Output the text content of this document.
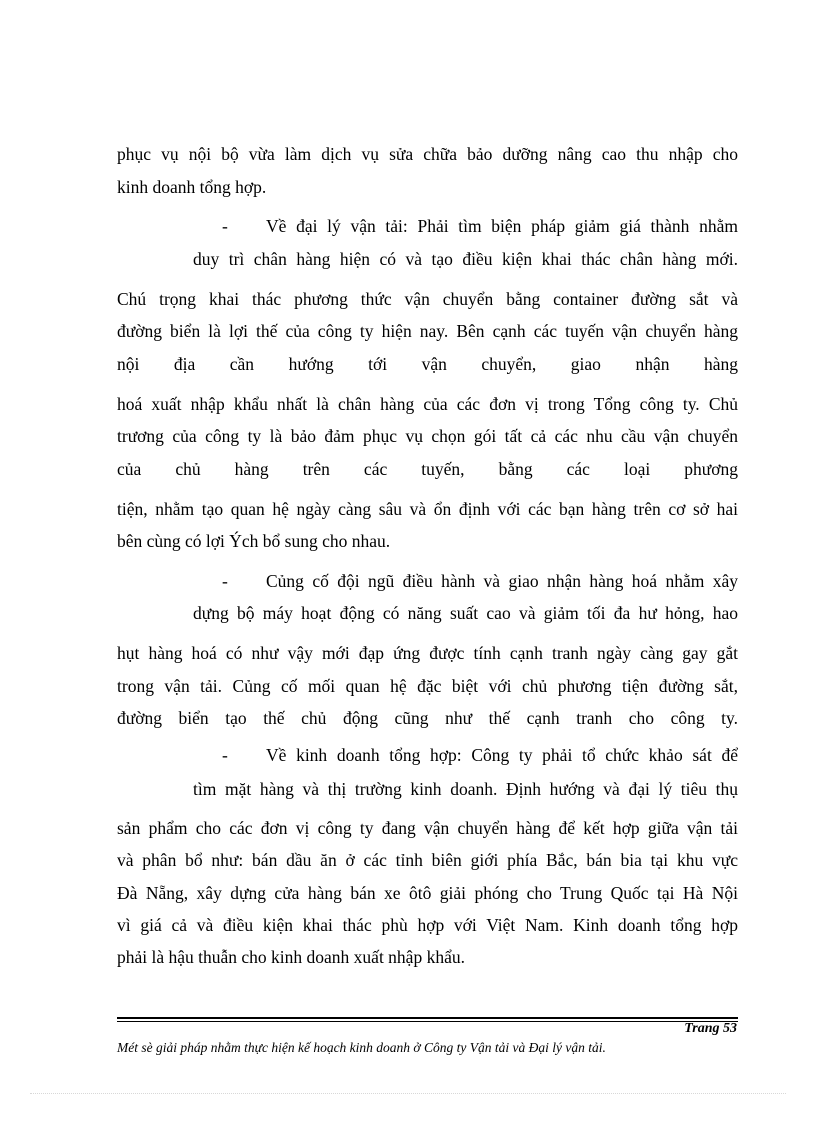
phục vụ nội bộ vừa làm dịch vụ sửa chữa bảo dưỡng nâng cao thu nhập cho
kinh doanh tổng hợp.
- Về đại lý vận tải: Phải tìm biện pháp giảm giá thành nhằm
duy trì chân hàng hiện có và tạo điều kiện khai thác chân hàng mới.
Chú trọng khai thác phương thức vận chuyển bằng container đường sắt và
đường biển là lợi thế của công ty hiện nay. Bên cạnh các tuyến vận chuyển hàng
nội địa cần hướng tới vận chuyển, giao nhận hàng
hoá xuất nhập khẩu nhất là chân hàng của các đơn vị trong Tổng công ty. Chủ
trương của công ty là bảo đảm phục vụ chọn gói tất cả các nhu cầu vận chuyển
của chủ hàng trên các tuyến, bằng các loại phương
tiện, nhằm tạo quan hệ ngày càng sâu và ổn định với các bạn hàng trên cơ sở hai
bên cùng có lợi Ých bổ sung cho nhau.
- Củng cố đội ngũ điều hành và giao nhận hàng hoá nhằm xây
dựng bộ máy hoạt động có năng suất cao và giảm tối đa hư hỏng, hao
hụt hàng hoá có như vậy mới đạp ứng được tính cạnh tranh ngày càng gay gắt
trong vận tải. Củng cố mối quan hệ đặc biệt với chủ phương tiện đường sắt,
đường biển tạo thế chủ động cũng như thế cạnh tranh cho công ty.
- Về kinh doanh tổng hợp: Công ty phải tổ chức khảo sát để
tìm mặt hàng và thị trường kinh doanh. Định hướng và đại lý tiêu thụ
sản phẩm cho các đơn vị công ty đang vận chuyển hàng để kết hợp giữa vận tải
và phân bổ như: bán dầu ăn ở các tỉnh biên giới phía Bắc, bán bia tại khu vực
Đà Nẵng, xây dựng cửa hàng bán xe ôtô giải phóng cho Trung Quốc tại Hà Nội
vì giá cả và điều kiện khai thác phù hợp với Việt Nam. Kinh doanh tổng hợp
phải là hậu thuẫn cho kinh doanh xuất nhập khẩu.
Trang 53
Mét sè giải pháp nhằm thực hiện kế hoạch kinh doanh ở Công ty Vận tải và Đại lý vận tải.
